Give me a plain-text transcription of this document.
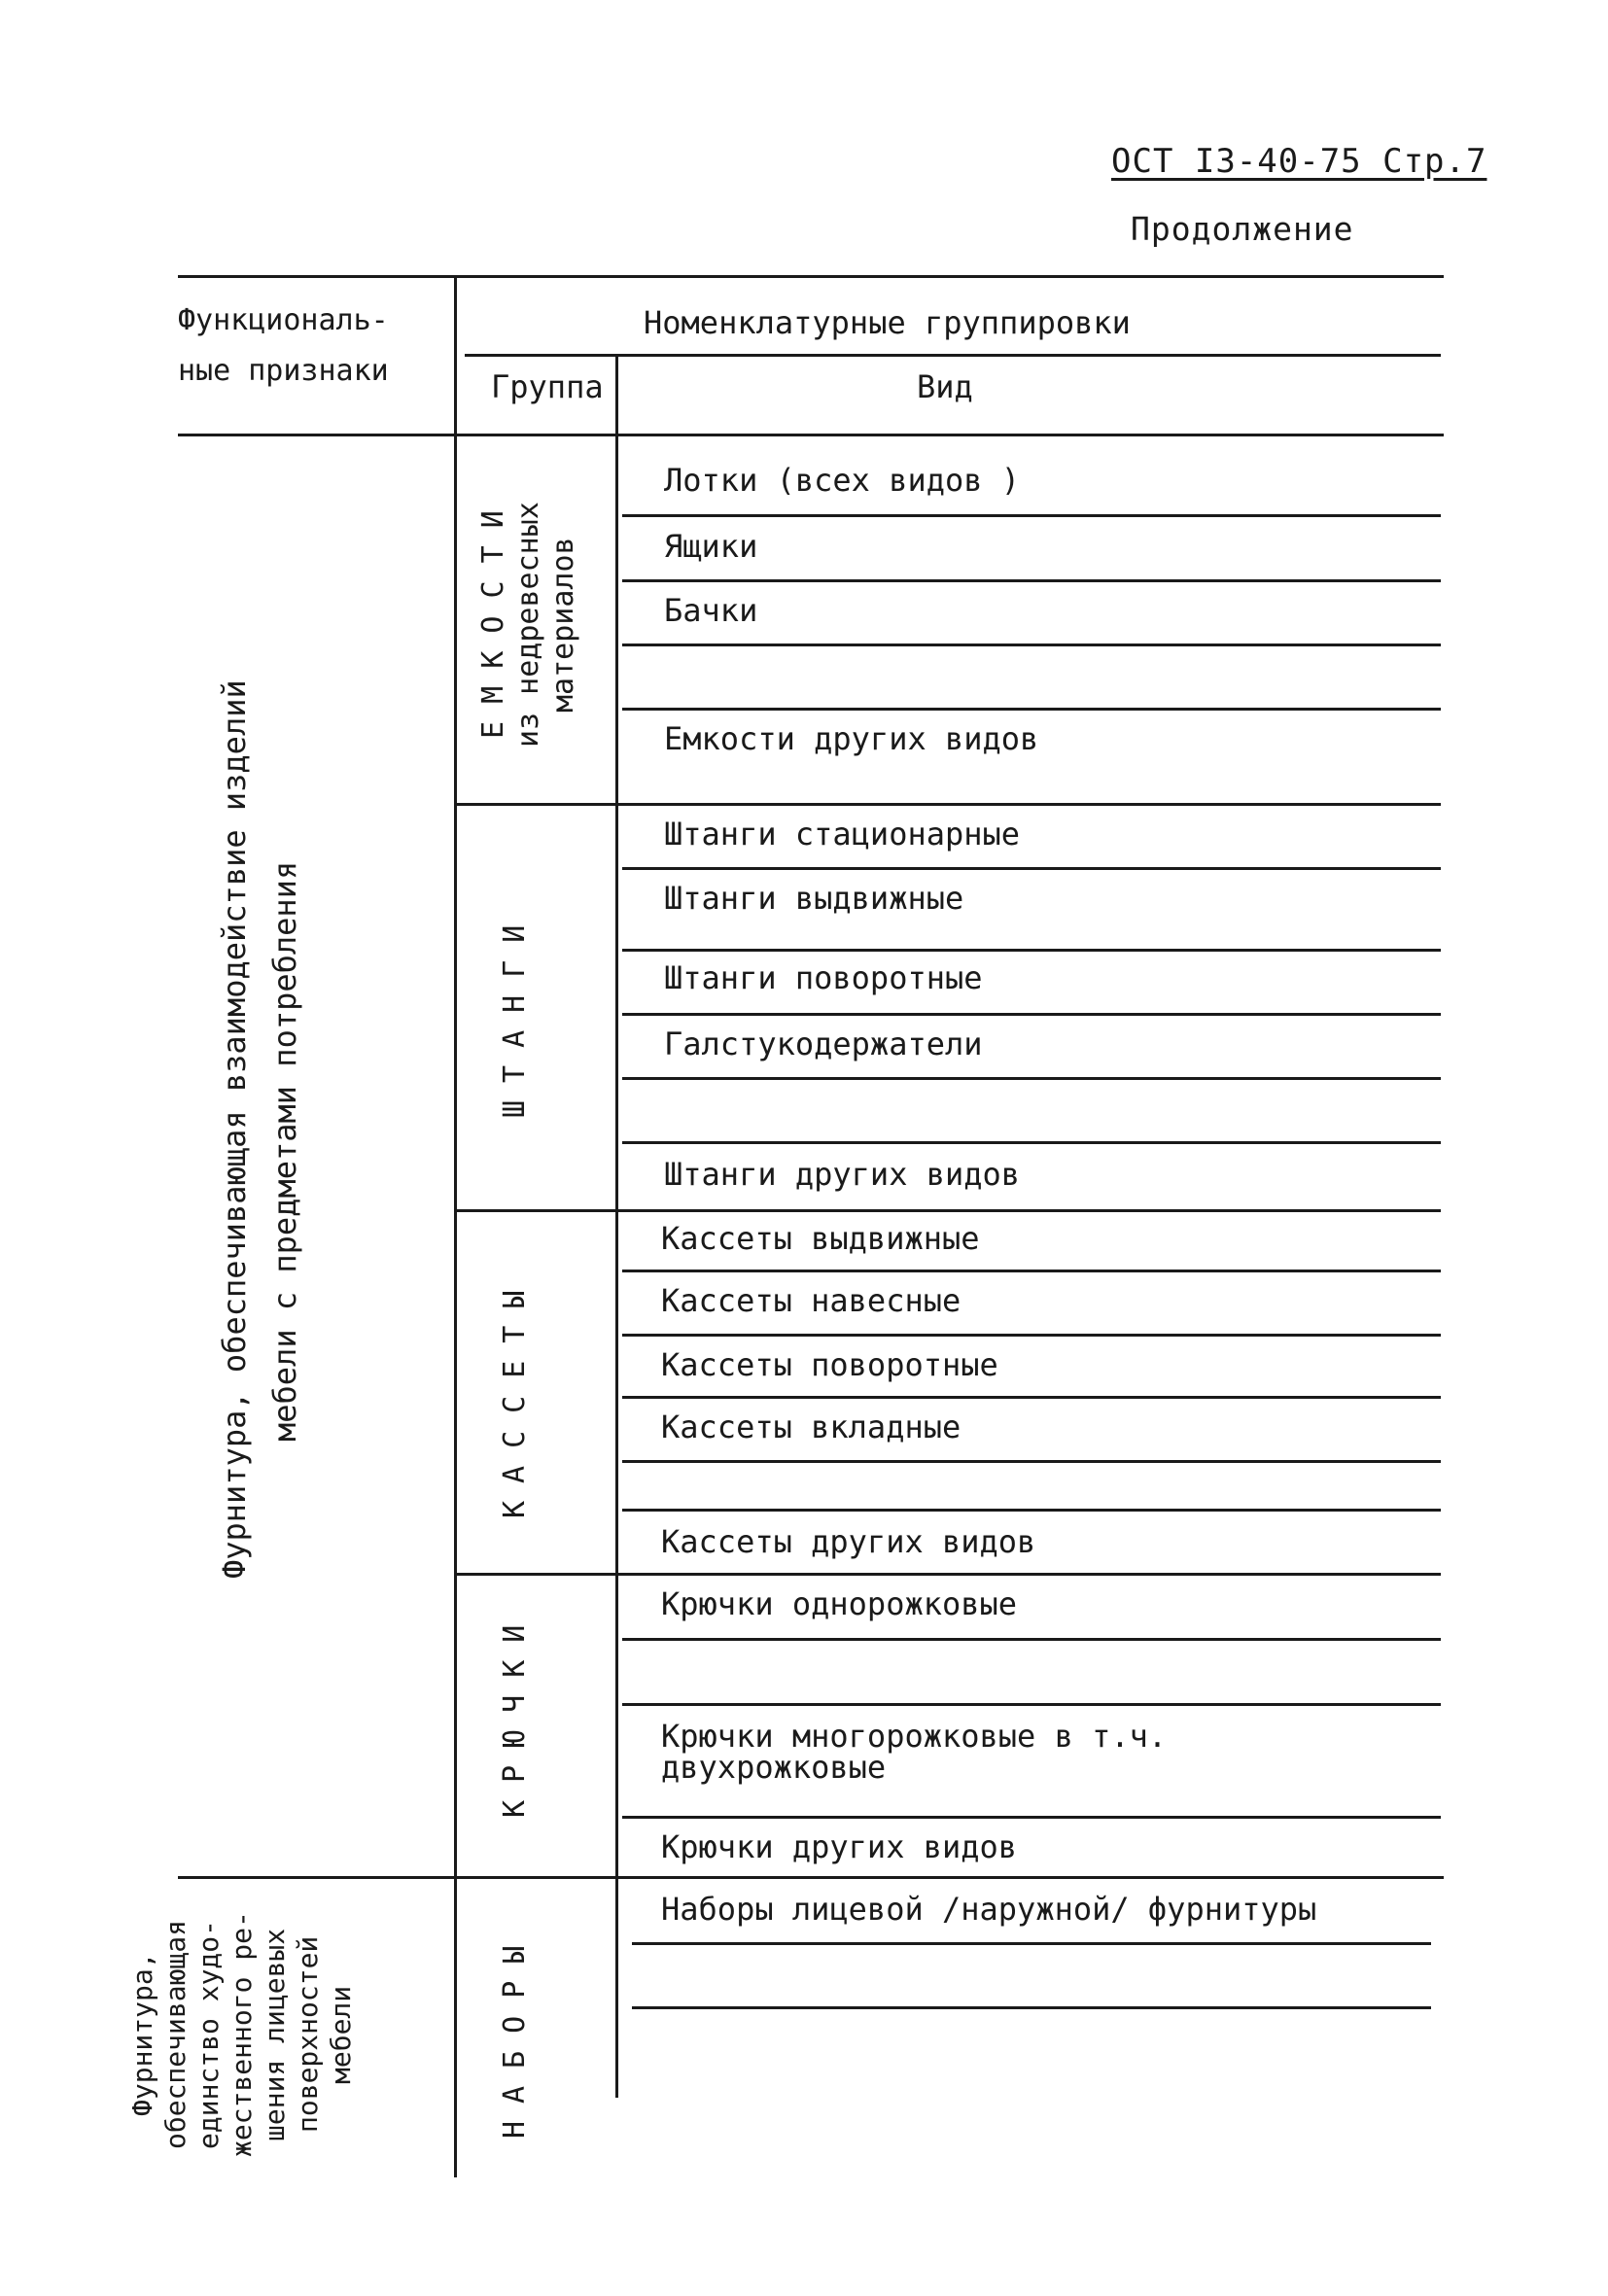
ОСТ I3-40-75 Стр.7
Продолжение
Функциональ-
ные признаки
Номенклатурные группировки
Группа	Вид
Лотки (всех видов )
Ящики
Бачки
Емкости других видов
Штанги стационарные
Штанги выдвижные
Штанги поворотные
Галстукодержатели
Штанги других видов
Кассеты выдвижные
Кассеты навесные
Кассеты поворотные
Кассеты вкладные
Кассеты других видов
Крючки однорожковые
Крючки многорожковые в т.ч.
двухрожковые
Крючки других видов
Наборы лицевой /наружной/ фурнитуры
Е М К О С Т И из недревесных материалов
ШТАНГИ
КАССЕТЫ
КРЮЧКИ
НАБОРЫ
Фурнитура, обеспечивающая взаимодействие изделий мебели с предметами потребления
Фурнитура, обеспечивающая единство худо- жественного ре- шения лицевых поверхностей мебели
